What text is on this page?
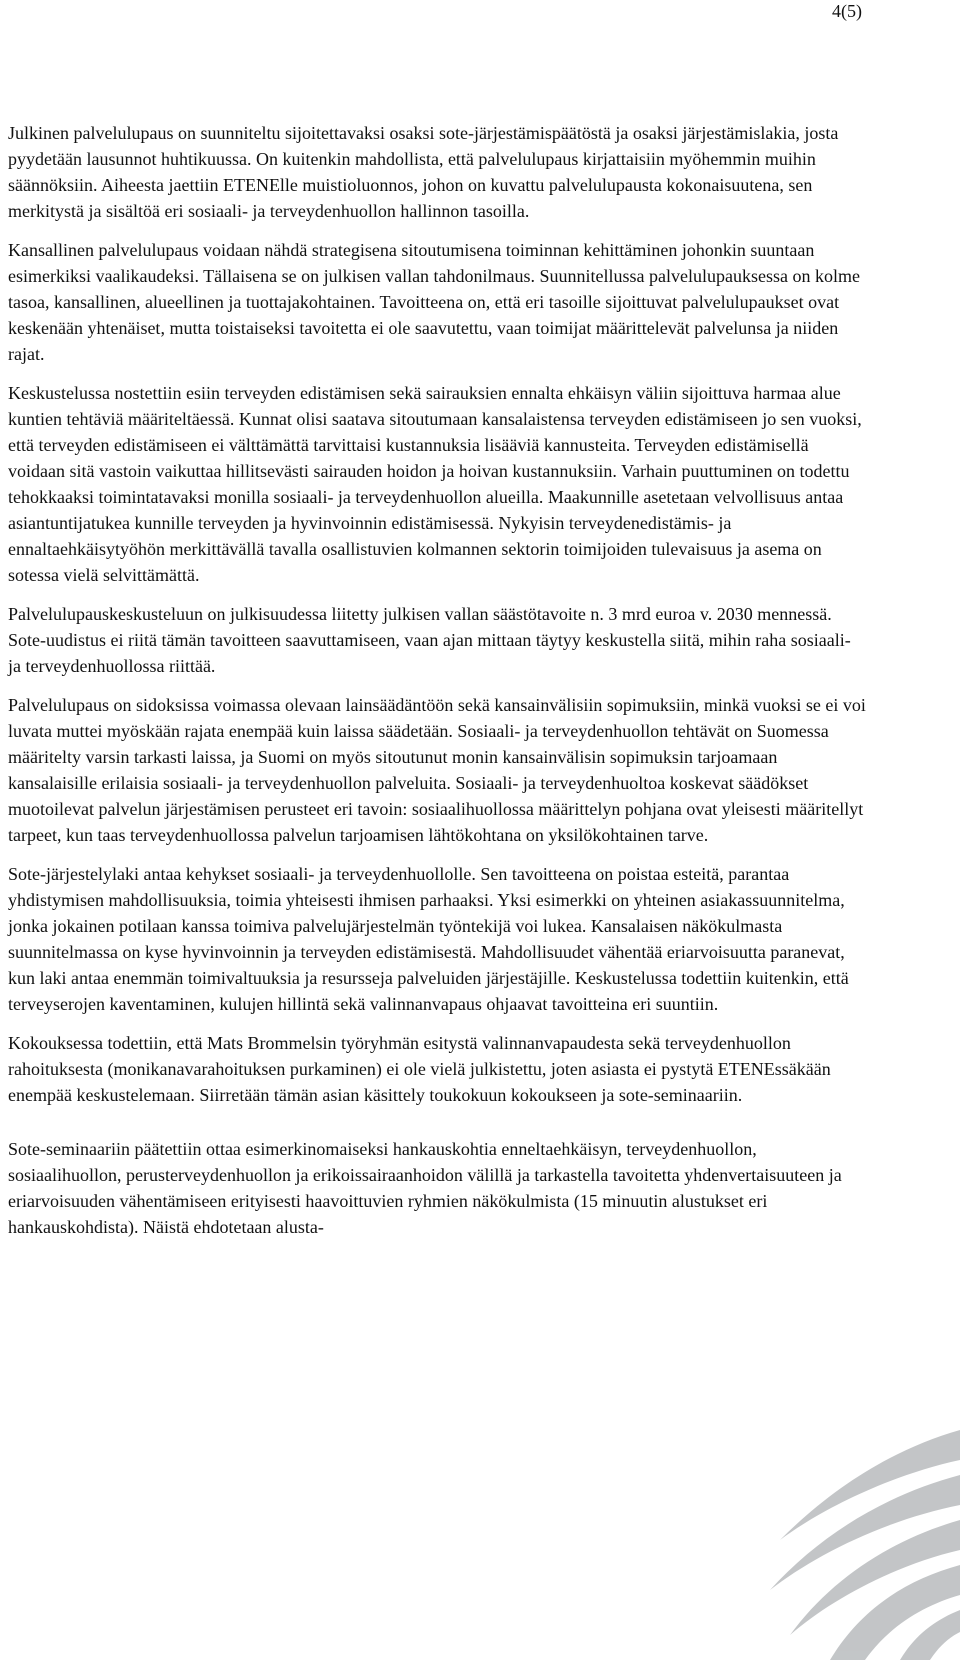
4(5)

Julkinen palvelulupaus on suunniteltu sijoitettavaksi osaksi sote-järjestämispäätöstä ja osaksi järjestämislakia, josta pyydetään lausunnot huhtikuussa. On kuitenkin mahdollista, että palvelulupaus kirjattaisiin myöhemmin muihin säännöksiin. Aiheesta jaettiin ETENElle muistioluonnos, johon on kuvattu palvelulupausta kokonaisuutena, sen merkitystä ja sisältöä eri sosiaali- ja terveydenhuollon hallinnon tasoilla.

Kansallinen palvelulupaus voidaan nähdä strategisena sitoutumisena toiminnan kehittäminen johonkin suuntaan esimerkiksi vaalikaudeksi. Tällaisena se on julkisen vallan tahdonilmaus. Suunnitellussa palvelulupauksessa on kolme tasoa, kansallinen, alueellinen ja tuottajakohtainen. Tavoitteena on, että eri tasoille sijoittuvat palvelulupaukset ovat keskenään yhtenäiset, mutta toistaiseksi tavoitetta ei ole saavutettu, vaan toimijat määrittelevät palvelunsa ja niiden rajat.

Keskustelussa nostettiin esiin terveyden edistämisen sekä sairauksien ennalta ehkäisyn väliin sijoittuva harmaa alue kuntien tehtäviä määriteltäessä. Kunnat olisi saatava sitoutumaan kansalaistensa terveyden edistämiseen jo sen vuoksi, että terveyden edistämiseen ei välttämättä tarvittaisi kustannuksia lisääviä kannusteita. Terveyden edistämisellä voidaan sitä vastoin vaikuttaa hillitsevästi sairauden hoidon ja hoivan kustannuksiin. Varhain puuttuminen on todettu tehokkaaksi toimintatavaksi monilla sosiaali- ja terveydenhuollon alueilla. Maakunnille asetetaan velvollisuus antaa asiantuntijatukea kunnille terveyden ja hyvinvoinnin edistämisessä. Nykyisin terveydenedistämis- ja ennaltaehkäisytyöhön merkittävällä tavalla osallistuvien kolmannen sektorin toimijoiden tulevaisuus ja asema on sotessa vielä selvittämättä.

Palvelulupauskeskusteluun on julkisuudessa liitetty julkisen vallan säästötavoite n. 3 mrd euroa v. 2030 mennessä. Sote-uudistus ei riitä tämän tavoitteen saavuttamiseen, vaan ajan mittaan täytyy keskustella siitä, mihin raha sosiaali- ja terveydenhuollossa riittää.

Palvelulupaus on sidoksissa voimassa olevaan lainsäädäntöön sekä kansainvälisiin sopimuksiin, minkä vuoksi se ei voi luvata muttei myöskään rajata enempää kuin laissa säädetään. Sosiaali- ja terveydenhuollon tehtävät on Suomessa määritelty varsin tarkasti laissa, ja Suomi on myös sitoutunut monin kansainvälisin sopimuksin tarjoamaan kansalaisille erilaisia sosiaali- ja terveydenhuollon palveluita. Sosiaali- ja terveydenhuoltoa koskevat säädökset muotoilevat palvelun järjestämisen perusteet eri tavoin: sosiaalihuollossa määrittelyn pohjana ovat yleisesti määritellyt tarpeet, kun taas terveydenhuollossa palvelun tarjoamisen lähtökohtana on yksilökohtainen tarve.

Sote-järjestelylaki antaa kehykset sosiaali- ja terveydenhuollolle. Sen tavoitteena on poistaa esteitä, parantaa yhdistymisen mahdollisuuksia, toimia yhteisesti ihmisen parhaaksi. Yksi esimerkki on yhteinen asiakassuunnitelma, jonka jokainen potilaan kanssa toimiva palvelujärjestelmän työntekijä voi lukea. Kansalaisen näkökulmasta suunnitelmassa on kyse hyvinvoinnin ja terveyden edistämisestä. Mahdollisuudet vähentää eriarvoisuutta paranevat, kun laki antaa enemmän toimivaltuuksia ja resursseja palveluiden järjestäjille. Keskustelussa todettiin kuitenkin, että terveyserojen kaventaminen, kulujen hillintä sekä valinnanvapaus ohjaavat tavoitteina eri suuntiin.

Kokouksessa todettiin, että Mats Brommelsin työryhmän esitystä valinnanvapaudesta sekä terveydenhuollon rahoituksesta (monikanavarahoituksen purkaminen) ei ole vielä julkistettu, joten asiasta ei pystytä ETENEssäkään enempää keskustelemaan. Siirretään tämän asian käsittely toukokuun kokoukseen ja sote-seminaariin.

Sote-seminaariin päätettiin ottaa esimerkinomaiseksi hankauskohtia enneltaehkäisyn, terveydenhuollon, sosiaalihuollon, perusterveydenhuollon ja erikoissairaanhoidon välillä ja tarkastella tavoitetta yhdenvertaisuuteen ja eriarvoisuuden vähentämiseen erityisesti haavoittuvien ryhmien näkökulmista (15 minuutin alustukset eri hankauskohdista). Näistä ehdotetaan alusta-
